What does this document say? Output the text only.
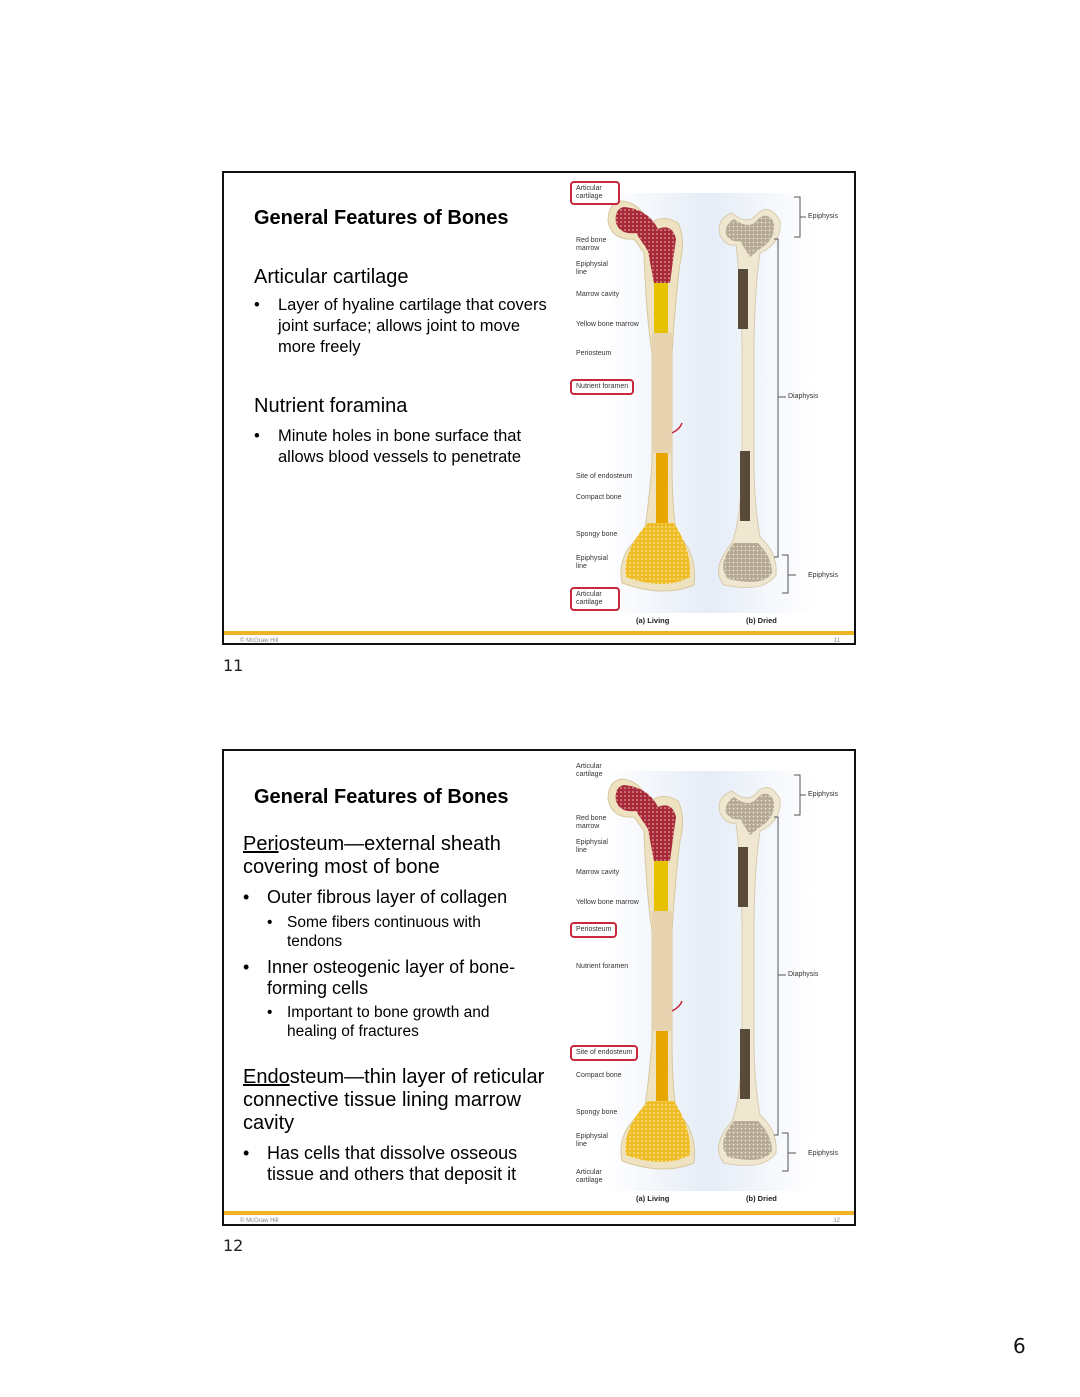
General Features of Bones
Articular cartilage
• Layer of hyaline cartilage that covers joint surface; allows joint to move more freely
Nutrient foramina
• Minute holes in bone surface that allows blood vessels to penetrate
Articular cartilage
Red bone marrow
Epiphysial line
Marrow cavity
Yellow bone marrow
Periosteum
Nutrient foramen
Site of endosteum
Compact bone
Spongy bone
Epiphysial line
Articular cartilage
Epiphysis
Diaphysis
Epiphysis
(a) Living	(b) Dried
© McGraw Hill	11
11
General Features of Bones
Periosteum—external sheath covering most of bone
• Outer fibrous layer of collagen
• Some fibers continuous with tendons
• Inner osteogenic layer of bone-forming cells
• Important to bone growth and healing of fractures
Endosteum—thin layer of reticular connective tissue lining marrow cavity
• Has cells that dissolve osseous tissue and others that deposit it
Articular cartilage
Red bone marrow
Epiphysial line
Marrow cavity
Yellow bone marrow
Periosteum
Nutrient foramen
Site of endosteum
Compact bone
Spongy bone
Epiphysial line
Articular cartilage
Epiphysis
Diaphysis
Epiphysis
(a) Living	(b) Dried
© McGraw Hill	12
12
6
